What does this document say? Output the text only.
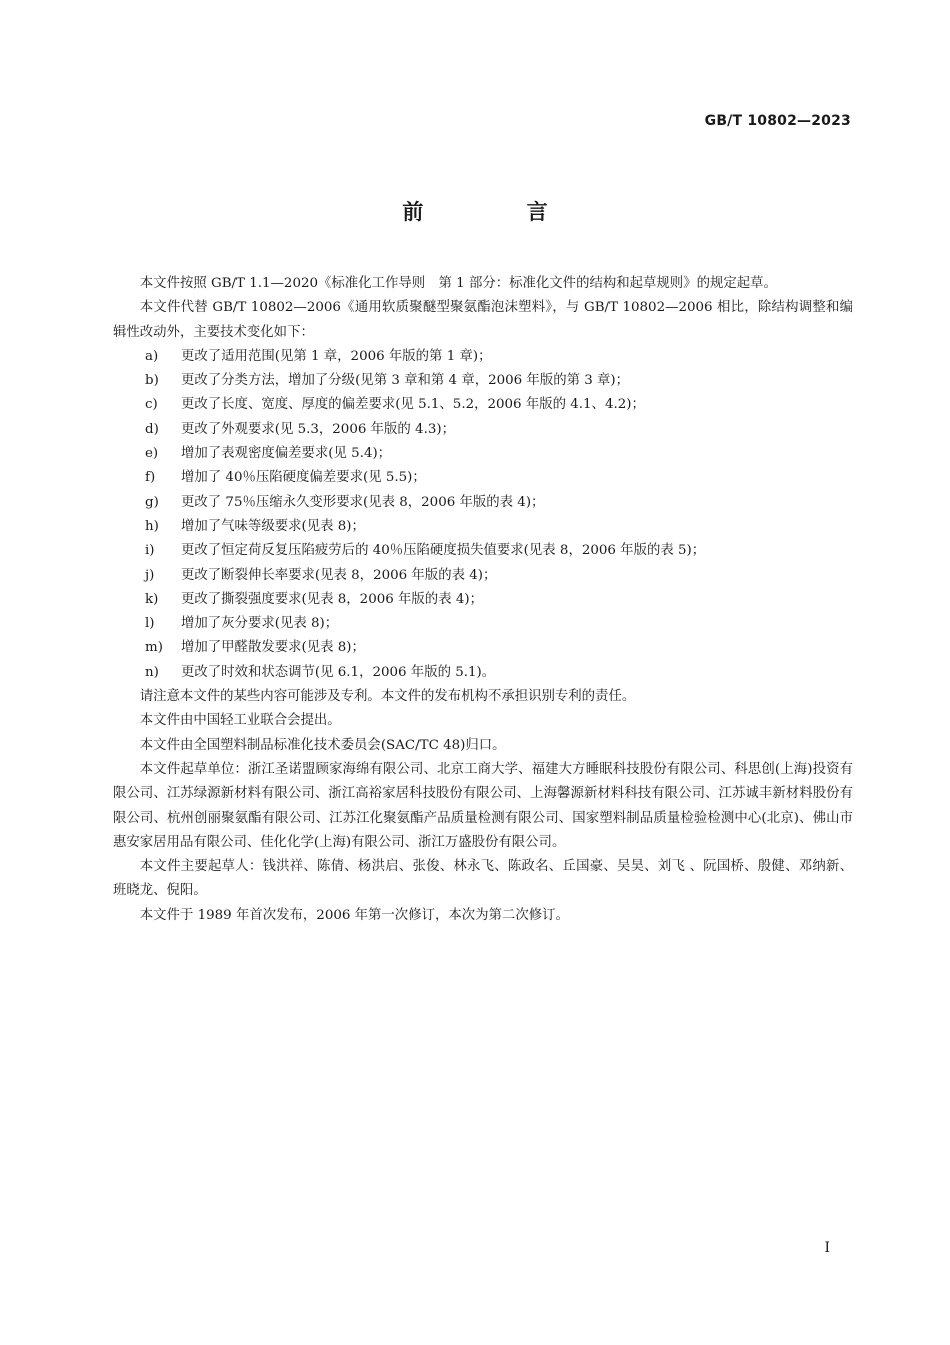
GB/T 10802—2023
前 言

本文件按照 GB/T 1.1—2020《标准化工作导则　第 1 部分：标准化文件的结构和起草规则》的规定起草。

本文件代替 GB/T 10802—2006《通用软质聚醚型聚氨酯泡沫塑料》，与 GB/T 10802—2006 相比，除结构调整和编辑性改动外，主要技术变化如下：

a) 更改了适用范围(见第 1 章，2006 年版的第 1 章)；
b) 更改了分类方法，增加了分级(见第 3 章和第 4 章，2006 年版的第 3 章)；
c) 更改了长度、宽度、厚度的偏差要求(见 5.1、5.2，2006 年版的 4.1、4.2)；
d) 更改了外观要求(见 5.3，2006 年版的 4.3)；
e) 增加了表观密度偏差要求(见 5.4)；
f) 增加了 40％压陷硬度偏差要求(见 5.5)；
g) 更改了 75％压缩永久变形要求(见表 8，2006 年版的表 4)；
h) 增加了气味等级要求(见表 8)；
i) 更改了恒定荷反复压陷疲劳后的 40％压陷硬度损失值要求(见表 8，2006 年版的表 5)；
j) 更改了断裂伸长率要求(见表 8，2006 年版的表 4)；
k) 更改了撕裂强度要求(见表 8，2006 年版的表 4)；
l) 增加了灰分要求(见表 8)；
m) 增加了甲醛散发要求(见表 8)；
n) 更改了时效和状态调节(见 6.1，2006 年版的 5.1)。

请注意本文件的某些内容可能涉及专利。本文件的发布机构不承担识别专利的责任。

本文件由中国轻工业联合会提出。

本文件由全国塑料制品标准化技术委员会(SAC/TC 48)归口。

本文件起草单位：浙江圣诺盟顾家海绵有限公司、北京工商大学、福建大方睡眠科技股份有限公司、科思创(上海)投资有限公司、江苏绿源新材料有限公司、浙江高裕家居科技股份有限公司、上海馨源新材料科技有限公司、江苏诚丰新材料股份有限公司、杭州创丽聚氨酯有限公司、江苏江化聚氨酯产品质量检测有限公司、国家塑料制品质量检验检测中心(北京)、佛山市惠安家居用品有限公司、佳化化学(上海)有限公司、浙江万盛股份有限公司。

本文件主要起草人：钱洪祥、陈倩、杨洪启、张俊、林永飞、陈政名、丘国豪、吴昊、刘飞 、阮国桥、殷健、邓纳新、班晓龙、倪阳。

本文件于 1989 年首次发布，2006 年第一次修订，本次为第二次修订。

I
